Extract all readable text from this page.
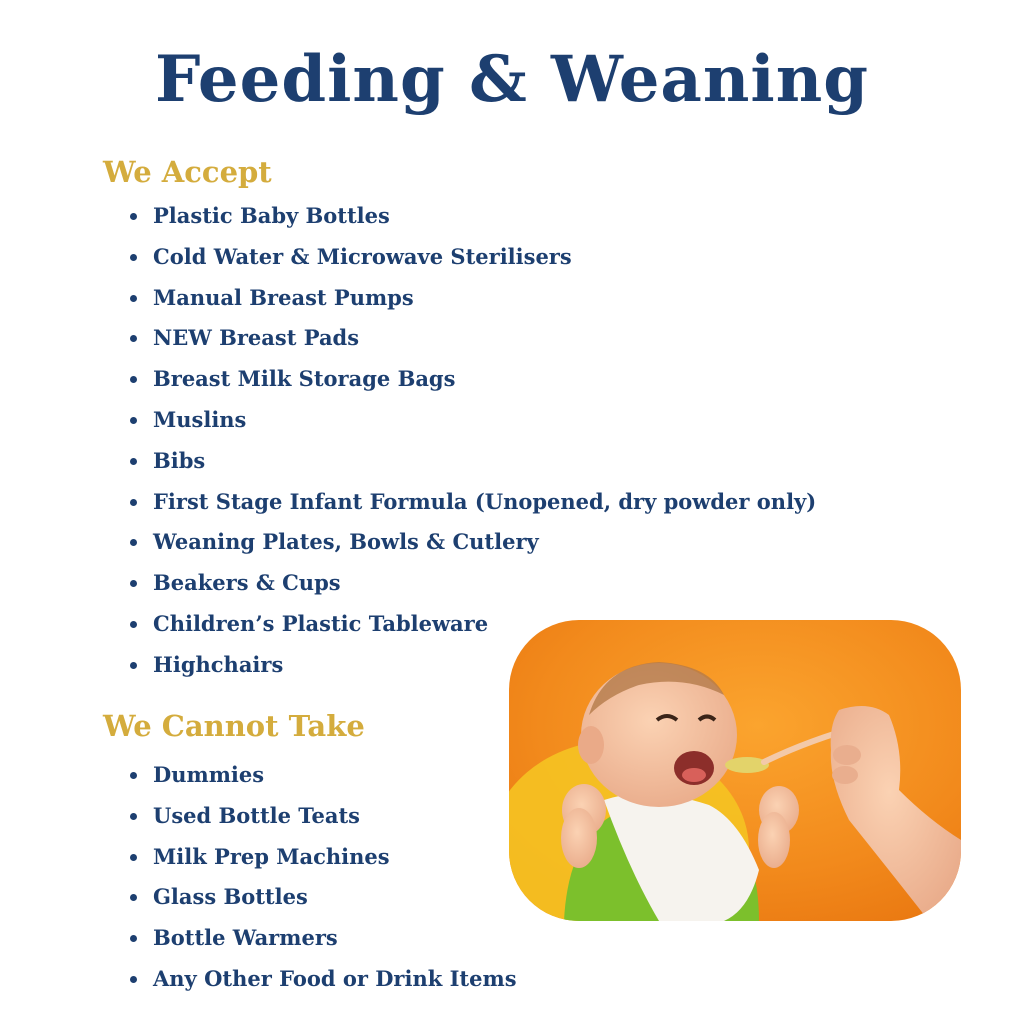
Feeding & Weaning
We Accept
Plastic Baby Bottles
Cold Water & Microwave Sterilisers
Manual Breast Pumps
NEW Breast Pads
Breast Milk Storage Bags
Muslins
Bibs
First Stage Infant Formula (Unopened, dry powder only)
Weaning Plates, Bowls & Cutlery
Beakers & Cups
Children’s Plastic Tableware
Highchairs
We Cannot Take
Dummies
Used Bottle Teats
Milk Prep Machines
Glass Bottles
Bottle Warmers
Any Other Food or Drink Items
